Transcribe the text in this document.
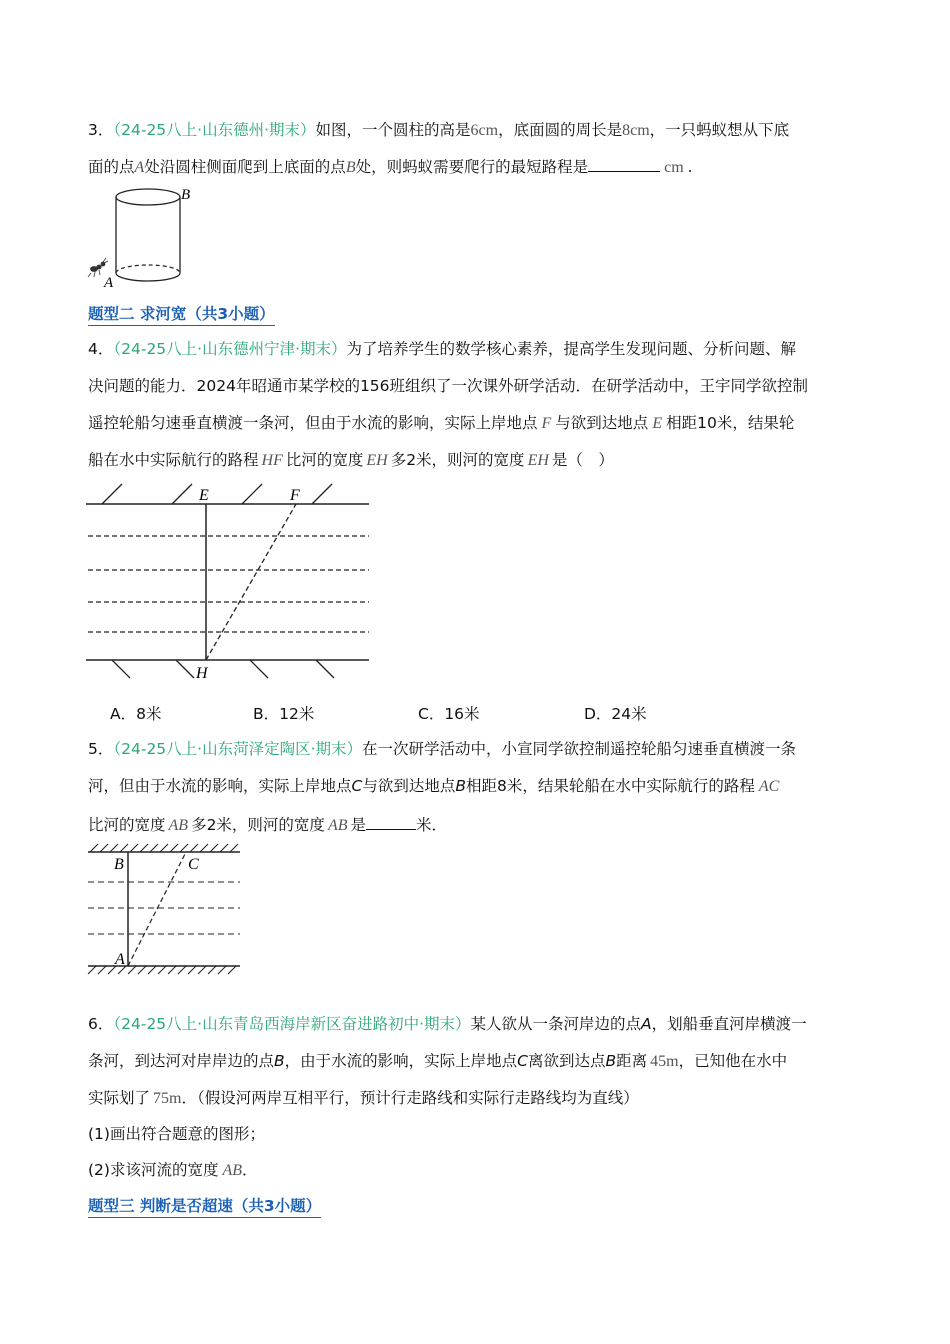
3．（24-25八上·山东德州·期末）如图，一个圆柱的高是6cm，底面圆的周长是8cm，一只蚂蚁想从下底
面的点A处沿圆柱侧面爬到上底面的点B处，则蚂蚁需要爬行的最短路程是	cm .
B
A
题型二 求河宽（共3小题）
4．（24-25八上·山东德州宁津·期末）为了培养学生的数学核心素养，提高学生发现问题、分析问题、解
决问题的能力．2024年昭通市某学校的156班组织了一次课外研学活动．在研学活动中，王宇同学欲控制
遥控轮船匀速垂直横渡一条河，但由于水流的影响，实际上岸地点 F 与欲到达地点 E 相距10米，结果轮
船在水中实际航行的路程 HF 比河的宽度 EH 多2米，则河的宽度 EH 是（　）
E	F
H
A．8米	B．12米	C．16米	D．24米
5．（24-25八上·山东菏泽定陶区·期末）在一次研学活动中，小宣同学欲控制遥控轮船匀速垂直横渡一条
河，但由于水流的影响，实际上岸地点C与欲到达地点B相距8米，结果轮船在水中实际航行的路程 AC
比河的宽度 AB 多2米，则河的宽度 AB 是	米．
B	C
A
6．（24-25八上·山东青岛西海岸新区奋进路初中·期末）某人欲从一条河岸边的点A，划船垂直河岸横渡一
条河，到达河对岸岸边的点B，由于水流的影响，实际上岸地点C离欲到达点B距离 45m，已知他在水中
实际划了 75m．（假设河两岸互相平行，预计行走路线和实际行走路线均为直线）
(1)画出符合题意的图形；
(2)求该河流的宽度 AB．
题型三 判断是否超速（共3小题）
